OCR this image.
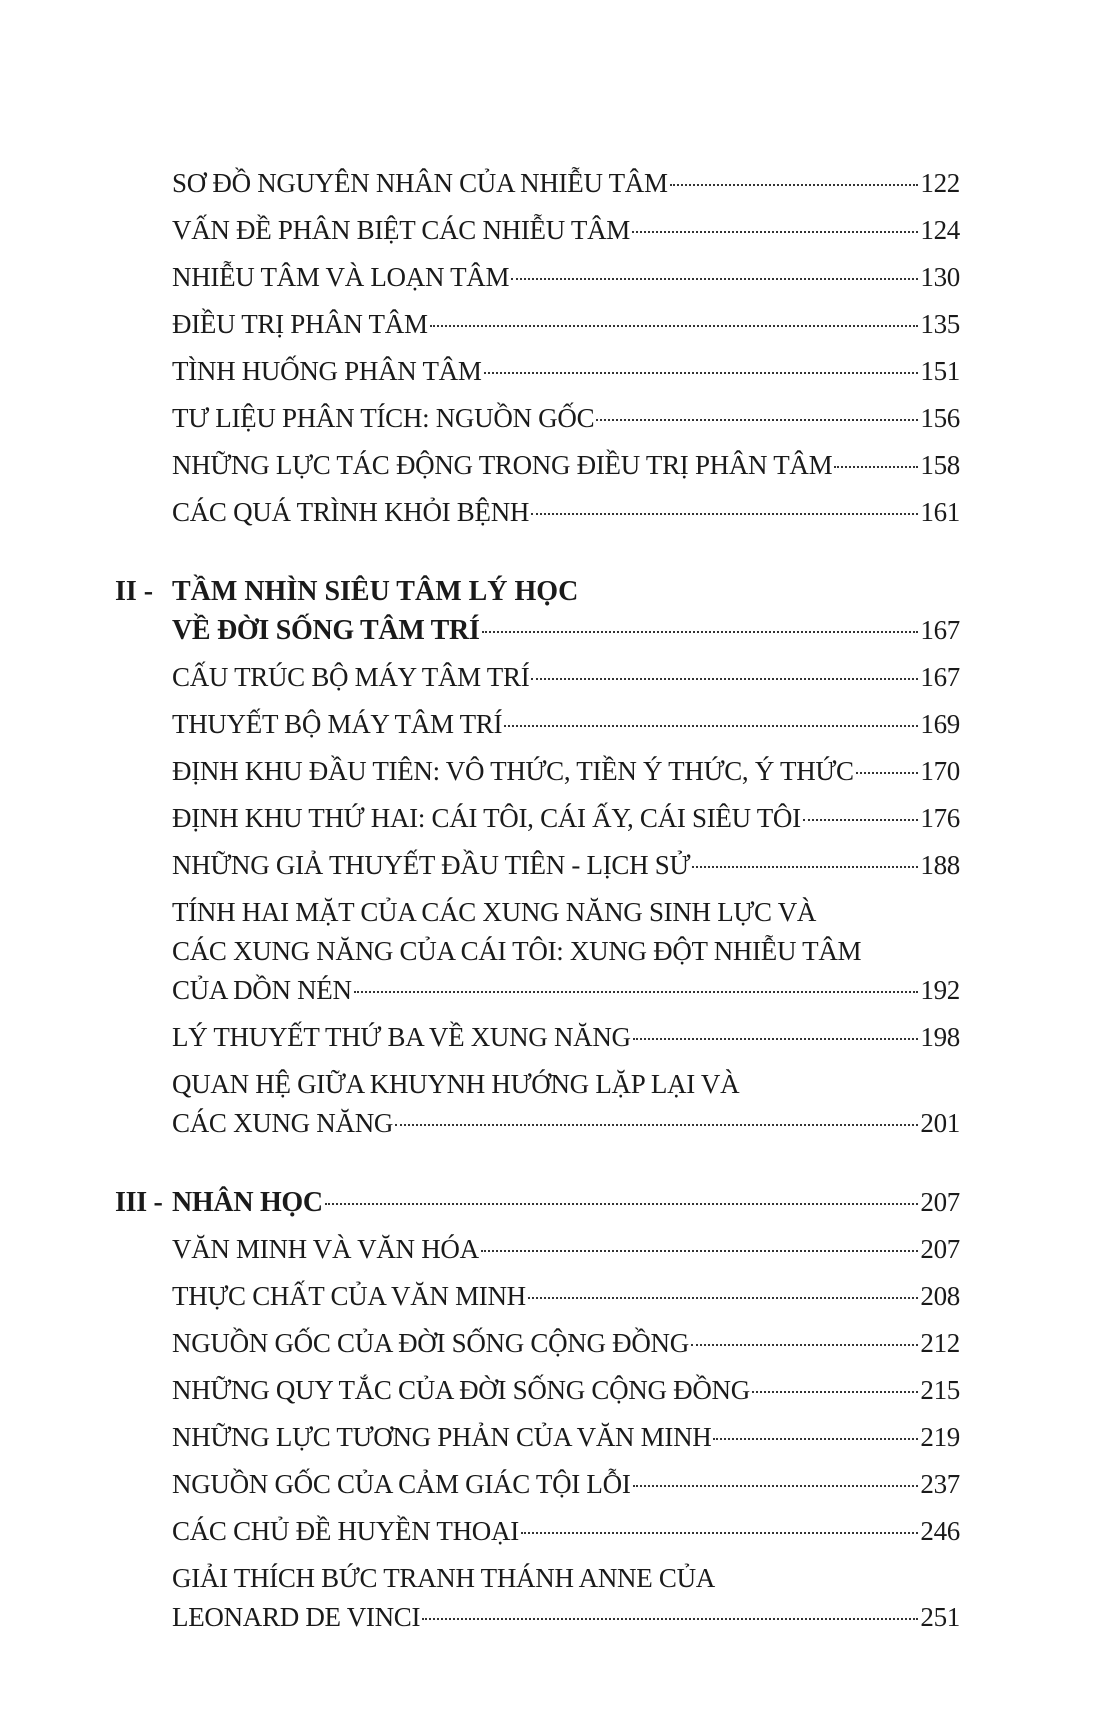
SƠ ĐỒ NGUYÊN NHÂN CỦA NHIỄU TÂM	122
VẤN ĐỀ PHÂN BIỆT CÁC NHIỄU TÂM	124
NHIỄU TÂM VÀ LOẠN TÂM	130
ĐIỀU TRỊ PHÂN TÂM	135
TÌNH HUỐNG PHÂN TÂM	151
TƯ LIỆU PHÂN TÍCH: NGUỒN GỐC	156
NHỮNG LỰC TÁC ĐỘNG TRONG ĐIỀU TRỊ PHÂN TÂM	158
CÁC QUÁ TRÌNH KHỎI BỆNH	161
II - TẦM NHÌN SIÊU TÂM LÝ HỌC
VỀ ĐỜI SỐNG TÂM TRÍ	167
CẤU TRÚC BỘ MÁY TÂM TRÍ	167
THUYẾT BỘ MÁY TÂM TRÍ	169
ĐỊNH KHU ĐẦU TIÊN: VÔ THỨC, TIỀN Ý THỨC, Ý THỨC 170
ĐỊNH KHU THỨ HAI: CÁI TÔI, CÁI ẤY, CÁI SIÊU TÔI	176
NHỮNG GIẢ THUYẾT ĐẦU TIÊN - LỊCH SỬ	188
TÍNH HAI MẶT CỦA CÁC XUNG NĂNG SINH LỰC VÀ
CÁC XUNG NĂNG CỦA CÁI TÔI: XUNG ĐỘT NHIỄU TÂM
CỦA DỒN NÉN	192
LÝ THUYẾT THỨ BA VỀ XUNG NĂNG	198
QUAN HỆ GIỮA KHUYNH HƯỚNG LẶP LẠI VÀ
CÁC XUNG NĂNG	201
III - NHÂN HỌC	207
VĂN MINH VÀ VĂN HÓA	207
THỰC CHẤT CỦA VĂN MINH	208
NGUỒN GỐC CỦA ĐỜI SỐNG CỘNG ĐỒNG	212
NHỮNG QUY TẮC CỦA ĐỜI SỐNG CỘNG ĐỒNG	215
NHỮNG LỰC TƯƠNG PHẢN CỦA VĂN MINH	219
NGUỒN GỐC CỦA CẢM GIÁC TỘI LỖI	237
CÁC CHỦ ĐỀ HUYỀN THOẠI	246
GIẢI THÍCH BỨC TRANH THÁNH ANNE CỦA
LEONARD DE VINCI	251
